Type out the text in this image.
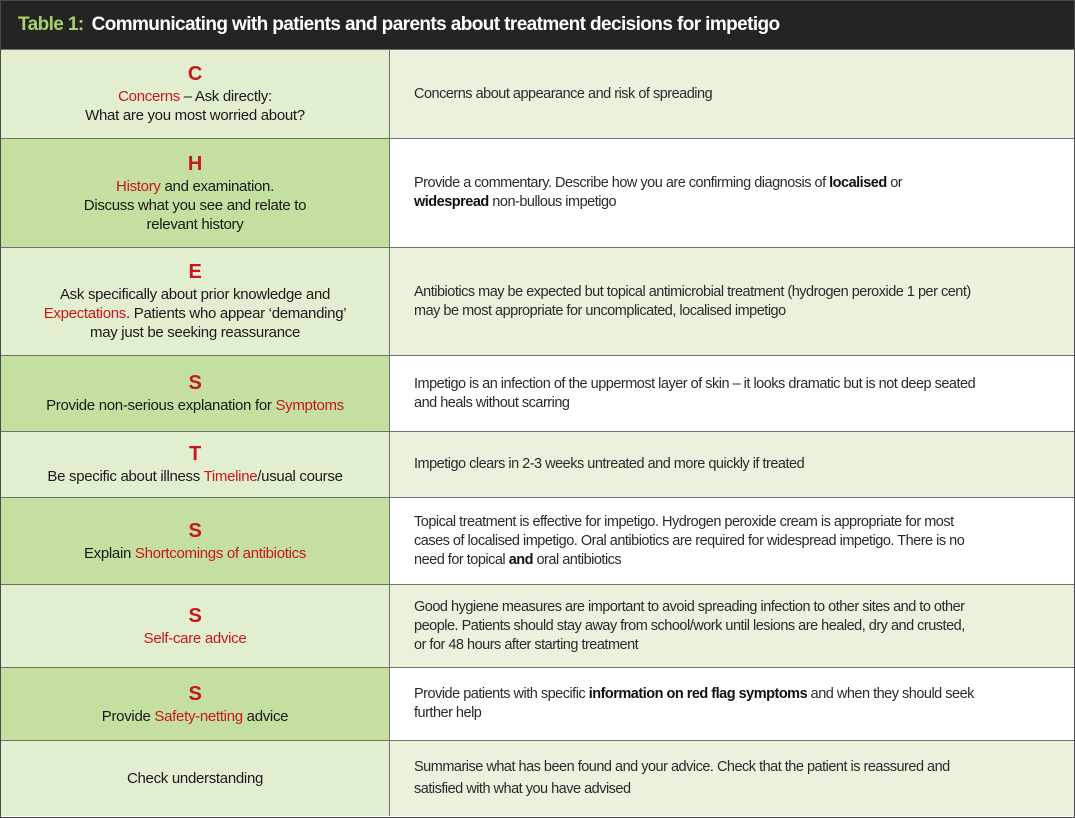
Table 1: Communicating with patients and parents about treatment decisions for impetigo
C
Concerns – Ask directly:
What are you most worried about?
Concerns about appearance and risk of spreading
H
History and examination.
Discuss what you see and relate to
relevant history
Provide a commentary. Describe how you are confirming diagnosis of localised or
widespread non-bullous impetigo
E
Ask specifically about prior knowledge and
Expectations. Patients who appear ‘demanding’
may just be seeking reassurance
Antibiotics may be expected but topical antimicrobial treatment (hydrogen peroxide 1 per cent)
may be most appropriate for uncomplicated, localised impetigo
S
Provide non-serious explanation for Symptoms
Impetigo is an infection of the uppermost layer of skin – it looks dramatic but is not deep seated
and heals without scarring
T
Be specific about illness Timeline/usual course
Impetigo clears in 2-3 weeks untreated and more quickly if treated
S
Explain Shortcomings of antibiotics
Topical treatment is effective for impetigo. Hydrogen peroxide cream is appropriate for most
cases of localised impetigo. Oral antibiotics are required for widespread impetigo. There is no
need for topical and oral antibiotics
S
Self-care advice
Good hygiene measures are important to avoid spreading infection to other sites and to other
people. Patients should stay away from school/work until lesions are healed, dry and crusted,
or for 48 hours after starting treatment
S
Provide Safety-netting advice
Provide patients with specific information on red flag symptoms and when they should seek
further help
Check understanding
Summarise what has been found and your advice. Check that the patient is reassured and
satisfied with what you have advised
